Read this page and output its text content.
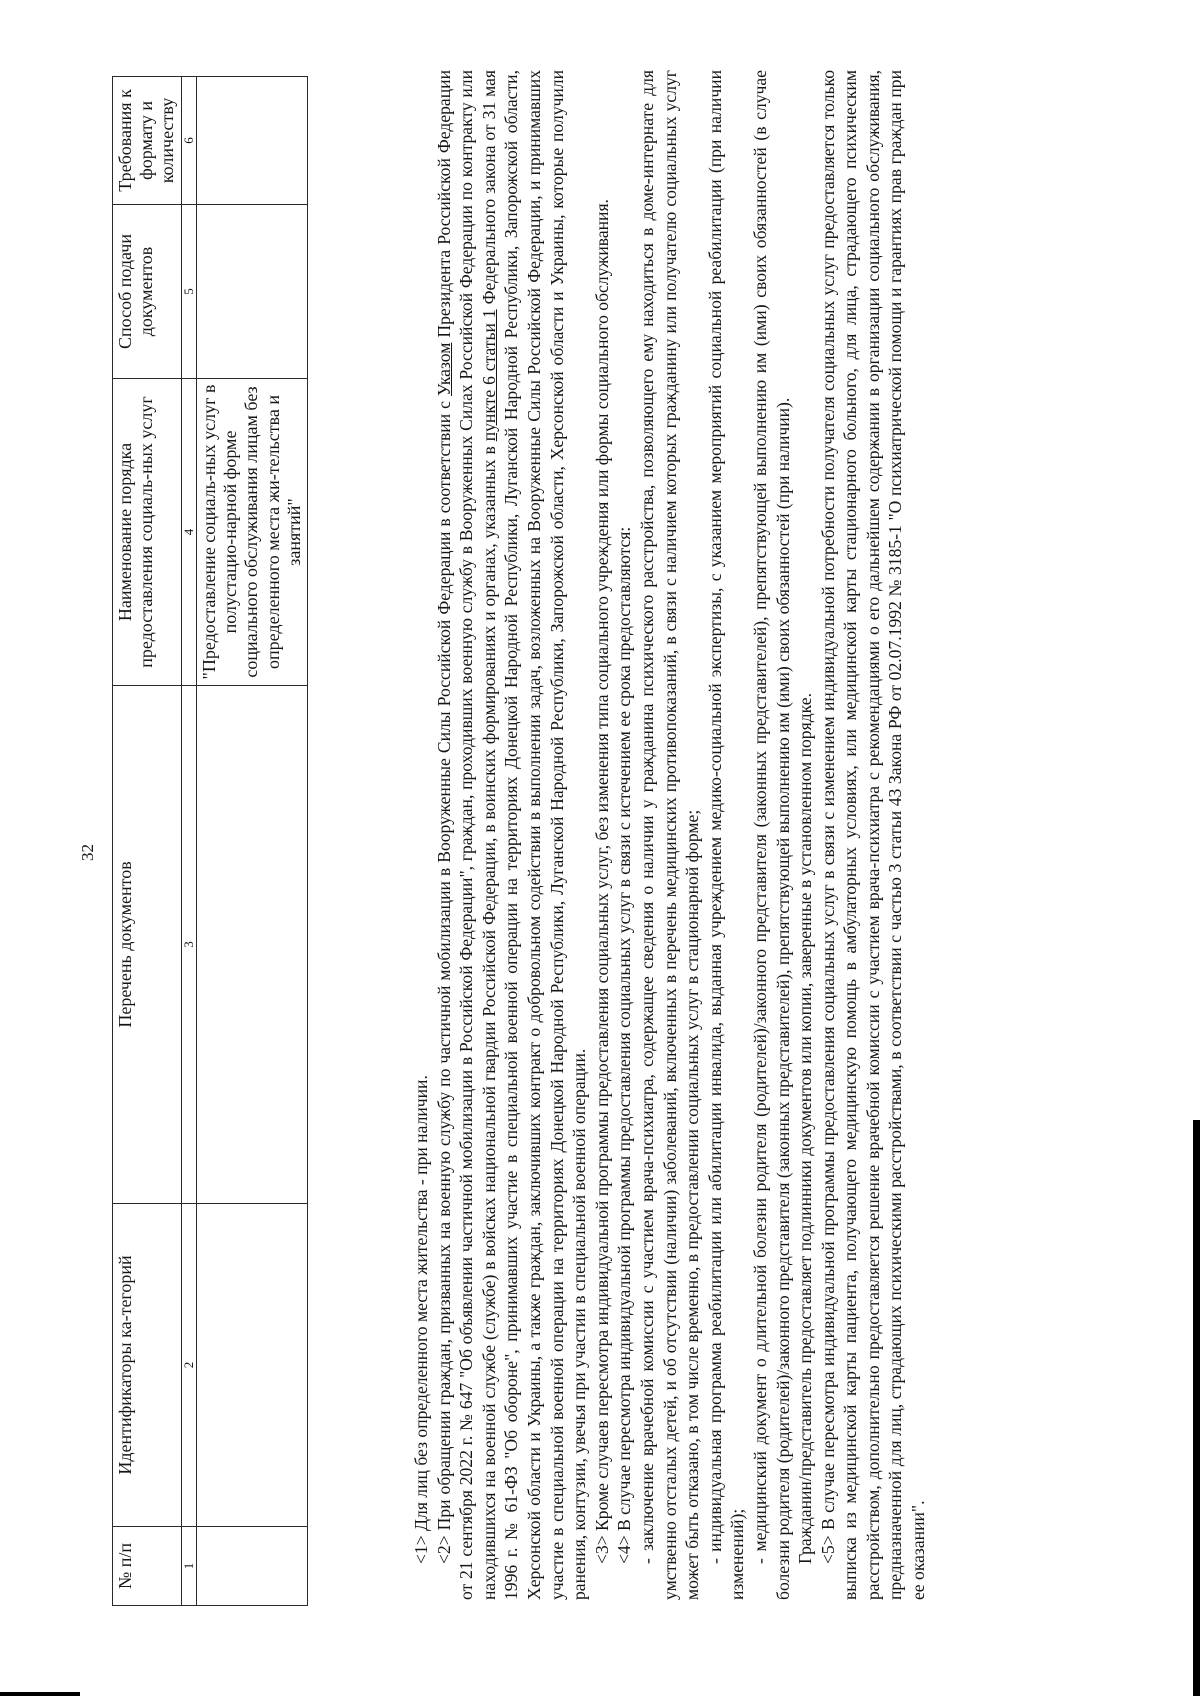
32
№ п/п	Идентификаторы ка-тегорий	Перечень документов	Наименование порядка предоставления социаль-ных услуг	Способ подачи документов	Требования к формату и количеству
1	2	3	4	5	6
			"Предоставление социаль-ных услуг в полустацио-нарной форме социального обслуживания лицам без определенного места жи-тельства и занятий"		

<1> Для лиц без определенного места жительства - при наличии. <2> При обращении граждан, призванных на военную службу по частичной мобилизации в Вооруженные Силы Российской Федерации в соответствии с Указом Президента Российской Федерации от 21 сентября 2022 г. № 647 "Об объявлении частичной мобилизации в Российской Федерации", граждан, проходивших военную службу в Вооруженных Силах Российской Федерации по контракту или находившихся на военной службе (службе) в войсках национальной гвардии Российской Федерации, в воинских формированиях и органах, указанных в пункте 6 статьи 1 Федерального закона от 31 мая 1996 г. № 61-ФЗ "Об обороне", принимавших участие в специальной военной операции на территориях Донецкой Народной Республики, Луганской Народной Республики, Запорожской области, Херсонской области и Украины, а также граждан, заключивших контракт о добровольном содействии в выполнении задач, возложенных на Вооруженные Силы Российской Федерации, и принимавших участие в специальной военной операции на территориях Донецкой Народной Республики, Луганской Народной Республики, Запорожской области, Херсонской области и Украины, которые получили ранения, контузии, увечья при участии в специальной военной операции. <3> Кроме случаев пересмотра индивидуальной программы предоставления социальных услуг, без изменения типа социального учреждения или формы социального обслуживания. <4> В случае пересмотра индивидуальной программы предоставления социальных услуг в связи с истечением ее срока предоставляются: - заключение врачебной комиссии с участием врача-психиатра, содержащее сведения о наличии у гражданина психического расстройства, позволяющего ему находиться в доме-интернате для умственно отсталых детей, и об отсутствии (наличии) заболеваний, включенных в перечень медицинских противопоказаний, в связи с наличием которых гражданину или получателю социальных услуг может быть отказано, в том числе временно, в предоставлении социальных услуг в стационарной форме; - индивидуальная программа реабилитации или абилитации инвалида, выданная учреждением медико-социальной экспертизы, с указанием мероприятий социальной реабилитации (при наличии изменений); - медицинский документ о длительной болезни родителя (родителей)/законного представителя (законных представителей), препятствующей выполнению им (ими) своих обязанностей (в случае болезни родителя (родителей)/законного представителя (законных представителей), препятствующей выполнению им (ими) своих обязанностей (при наличии). Гражданин/представитель предоставляет подлинники документов или копии, заверенные в установленном порядке. <5> В случае пересмотра индивидуальной программы предоставления социальных услуг в связи с изменением индивидуальной потребности получателя социальных услуг предоставляется только выписка из медицинской карты пациента, получающего медицинскую помощь в амбулаторных условиях, или медицинской карты стационарного больного, для лица, страдающего психическим расстройством, дополнительно предоставляется решение врачебной комиссии с участием врача-психиатра с рекомендациями о его дальнейшем содержании в организации социального обслуживания, предназначенной для лиц, страдающих психическими расстройствами, в соответствии с частью 3 статьи 43 Закона РФ от 02.07.1992 № 3185-1 "О психиатрической помощи и гарантиях прав граждан при ее оказании".
